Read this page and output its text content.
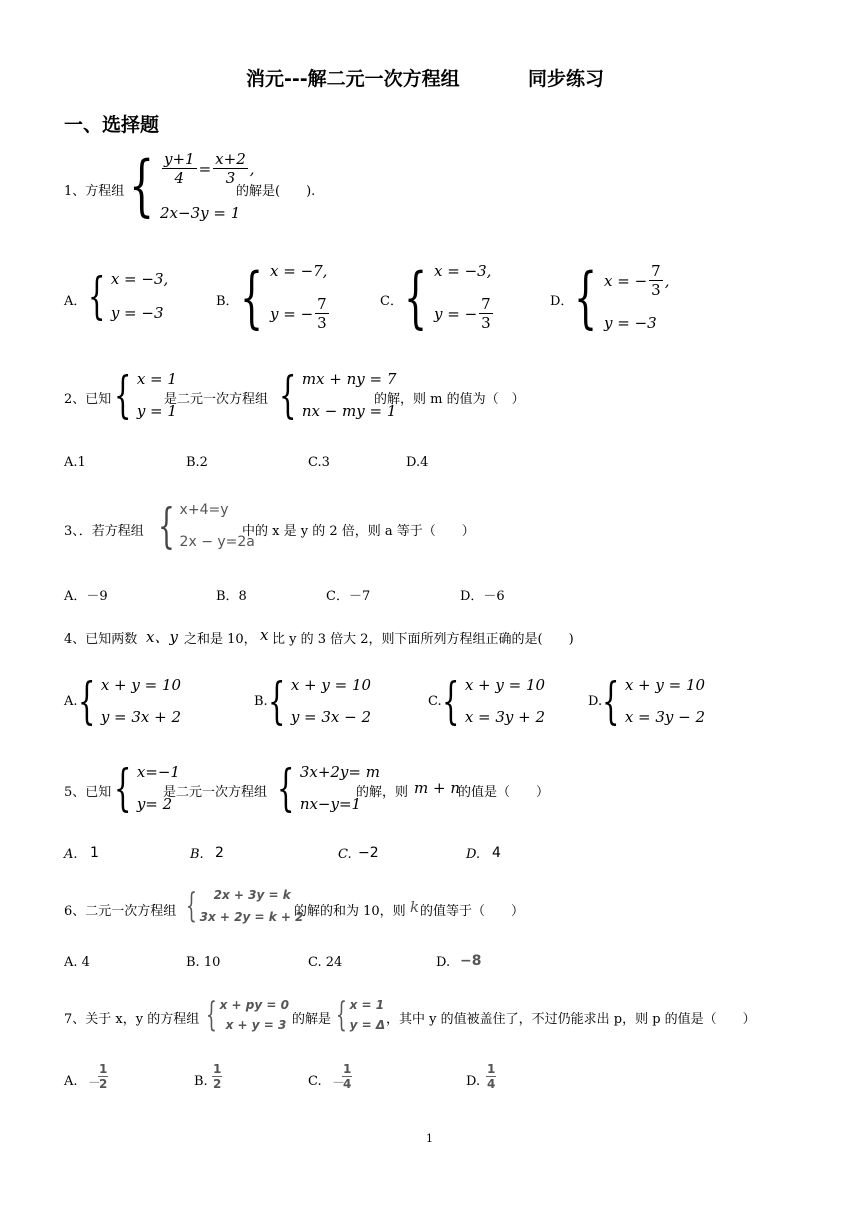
消元---解二元一次方程组	同步练习
一、选择题
1、方程组 { $\frac{y+1}{4} = \frac{x+2}{3}$ ,
2x−3y = 1
的解是(　　).
A． { x = −3,
y = −3
B． { x = −7,
y = − $\frac{7}{3}$	C． { x = −3,
y = − $\frac{7}{3}$	D． { x = − $\frac{7}{3}$ ,
y = −3
2、已知 { x = 1
y = 1
是二元一次方程组 { mx + ny = 7
nx − my = 1
的解，则 m 的值为（　）
A.1	B.2	C.3	D.4
3、．若方程组 { x+4=y
2x − y=2a
中的 x 是 y 的 2 倍，则 a 等于（　　）
A．－9	B．8	C．－7	D．－6
4、已知两数 x、y 之和是 10， x 比 y 的 3 倍大 2，则下面所列方程组正确的是(　　)
A. { x + y = 10
y = 3x + 2
B. { x + y = 10
y = 3x − 2
C. { x + y = 10
x = 3y + 2
D. { x + y = 10
x = 3y − 2
5、已知 { x=−1
y= 2
是二元一次方程组 { 3x+2y= m
nx−y=1
的解，则 m + n
的值是（　　）
A. 1	B. 2	C. −2	D. 4
6、二元一次方程组 {	2x + 3y = k
3x + 2y = k + 2
的解的和为 10，则 k 的值等于（　　）
A. 4	B. 10	C. 24	D. −8
7、关于 x，y 的方程组 { x + py = 0
x + y = 3 的解是 { x = 1
y = Δ ，其中 y 的值被盖住了，不过仍能求出 p，则 p 的值是（　　）
A. －
$\frac{1}{2}$	B. $\frac{1}{2}$	C. －
$\frac{1}{4}$	D. $\frac{1}{4}$
1
